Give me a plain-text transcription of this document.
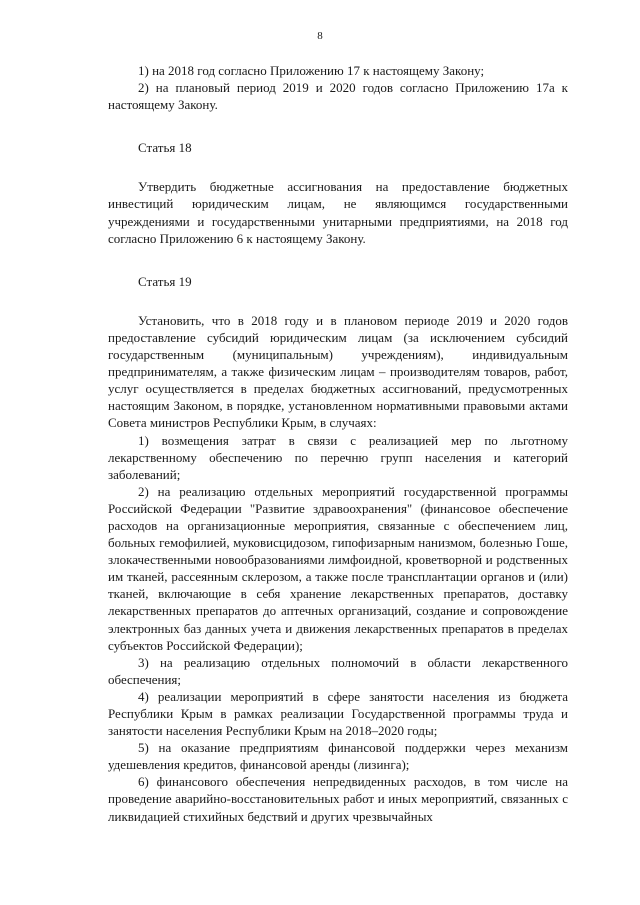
8

1) на 2018 год согласно Приложению 17 к настоящему Закону;

2) на плановый период 2019 и 2020 годов согласно Приложению 17а к настоящему Закону.

Статья 18

Утвердить бюджетные ассигнования на предоставление бюджетных инвестиций юридическим лицам, не являющимся государственными учреждениями и государственными унитарными предприятиями, на 2018 год согласно Приложению 6 к настоящему Закону.

Статья 19

Установить, что в 2018 году и в плановом периоде 2019 и 2020 годов предоставление субсидий юридическим лицам (за исключением субсидий государственным (муниципальным) учреждениям), индивидуальным предпринимателям, а также физическим лицам – производителям товаров, работ, услуг осуществляется в пределах бюджетных ассигнований, предусмотренных настоящим Законом, в порядке, установленном нормативными правовыми актами Совета министров Республики Крым, в случаях:

1) возмещения затрат в связи с реализацией мер по льготному лекарственному обеспечению по перечню групп населения и категорий заболеваний;

2) на реализацию отдельных мероприятий государственной программы Российской Федерации "Развитие здравоохранения" (финансовое обеспечение расходов на организационные мероприятия, связанные с обеспечением лиц, больных гемофилией, муковисцидозом, гипофизарным нанизмом, болезнью Гоше, злокачественными новообразованиями лимфоидной, кроветворной и родственных им тканей, рассеянным склерозом, а также после трансплантации органов и (или) тканей, включающие в себя хранение лекарственных препаратов, доставку лекарственных препаратов до аптечных организаций, создание и сопровождение электронных баз данных учета и движения лекарственных препаратов в пределах субъектов Российской Федерации);

3) на реализацию отдельных полномочий в области лекарственного обеспечения;

4) реализации мероприятий в сфере занятости населения из бюджета Республики Крым в рамках реализации Государственной программы труда и занятости населения Республики Крым на 2018–2020 годы;

5) на оказание предприятиям финансовой поддержки через механизм удешевления кредитов, финансовой аренды (лизинга);

6) финансового обеспечения непредвиденных расходов, в том числе на проведение аварийно-восстановительных работ и иных мероприятий, связанных с ликвидацией стихийных бедствий и других чрезвычайных
